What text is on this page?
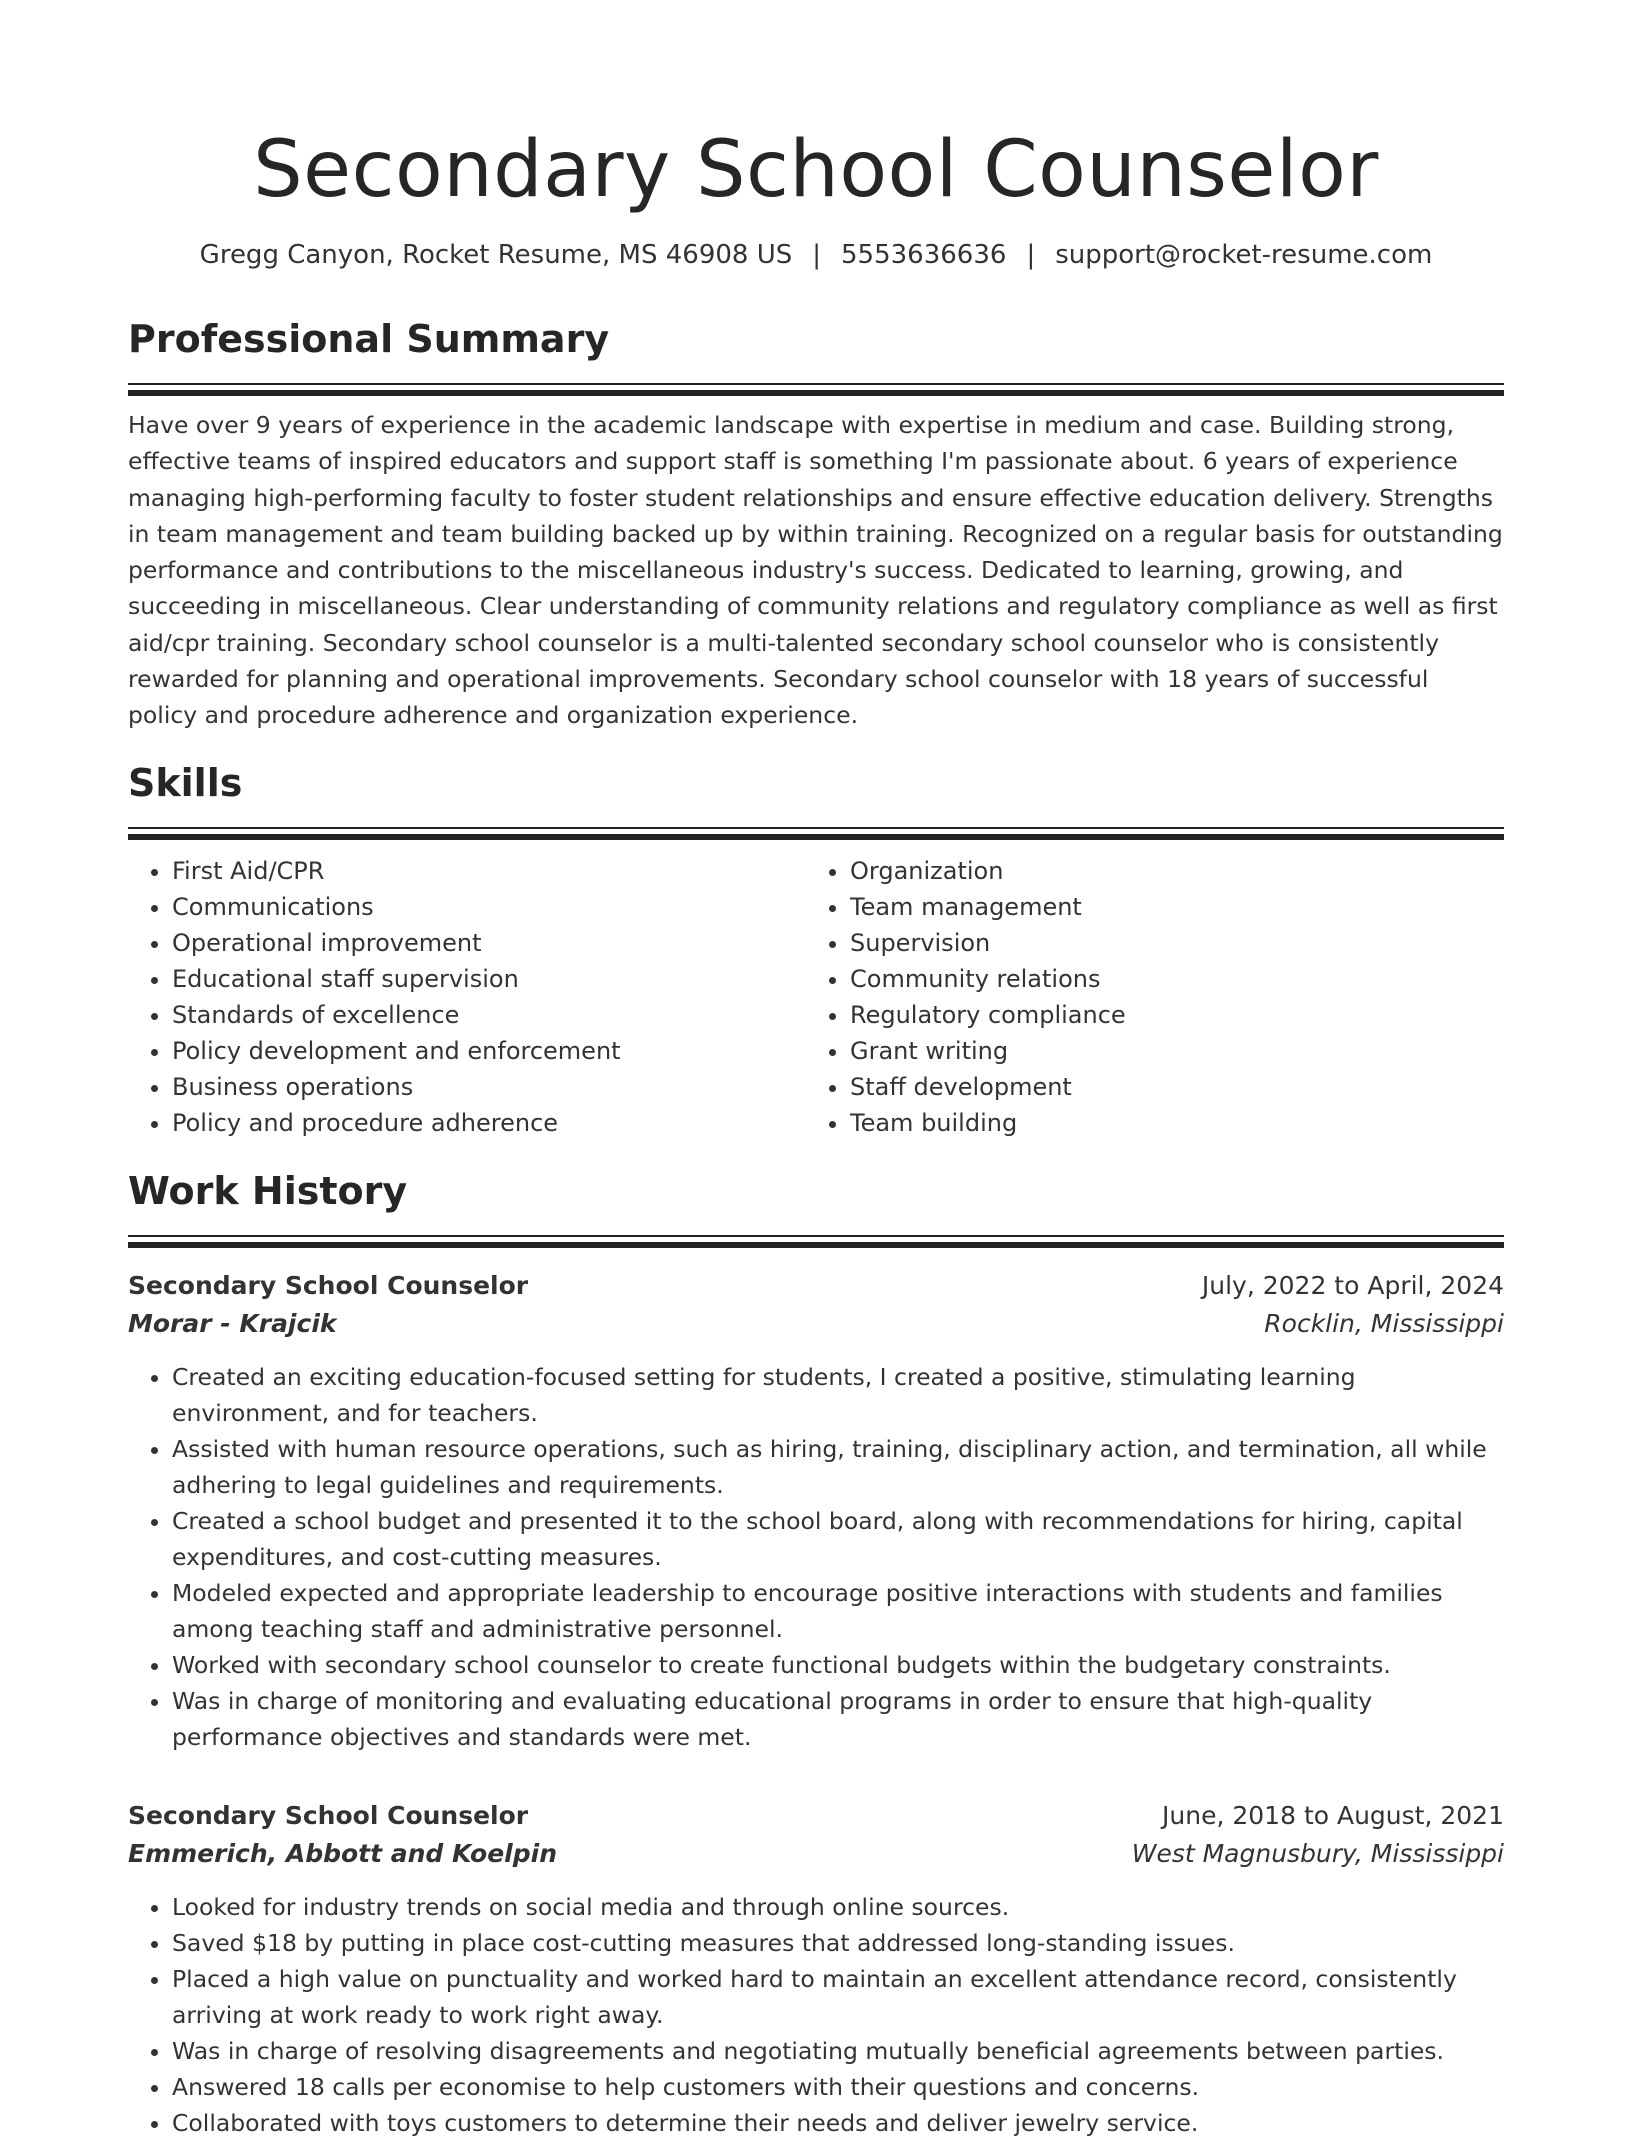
Secondary School Counselor
Gregg Canyon, Rocket Resume, MS 46908 US | 5553636636 | support@rocket-resume.com
Professional Summary
Have over 9 years of experience in the academic landscape with expertise in medium and case. Building strong, effective teams of inspired educators and support staff is something I'm passionate about. 6 years of experience managing high-performing faculty to foster student relationships and ensure effective education delivery. Strengths in team management and team building backed up by within training. Recognized on a regular basis for outstanding performance and contributions to the miscellaneous industry's success. Dedicated to learning, growing, and succeeding in miscellaneous. Clear understanding of community relations and regulatory compliance as well as first aid/cpr training. Secondary school counselor is a multi-talented secondary school counselor who is consistently rewarded for planning and operational improvements. Secondary school counselor with 18 years of successful policy and procedure adherence and organization experience.
Skills
• First Aid/CPR
• Communications
• Operational improvement
• Educational staff supervision
• Standards of excellence
• Policy development and enforcement
• Business operations
• Policy and procedure adherence
• Organization
• Team management
• Supervision
• Community relations
• Regulatory compliance
• Grant writing
• Staff development
• Team building
Work History
Secondary School Counselor	July, 2022 to April, 2024
Morar - Krajcik	Rocklin, Mississippi
• Created an exciting education-focused setting for students, I created a positive, stimulating learning environment, and for teachers.
• Assisted with human resource operations, such as hiring, training, disciplinary action, and termination, all while adhering to legal guidelines and requirements.
• Created a school budget and presented it to the school board, along with recommendations for hiring, capital expenditures, and cost-cutting measures.
• Modeled expected and appropriate leadership to encourage positive interactions with students and families among teaching staff and administrative personnel.
• Worked with secondary school counselor to create functional budgets within the budgetary constraints.
• Was in charge of monitoring and evaluating educational programs in order to ensure that high-quality performance objectives and standards were met.
Secondary School Counselor	June, 2018 to August, 2021
Emmerich, Abbott and Koelpin	West Magnusbury, Mississippi
• Looked for industry trends on social media and through online sources.
• Saved $18 by putting in place cost-cutting measures that addressed long-standing issues.
• Placed a high value on punctuality and worked hard to maintain an excellent attendance record, consistently arriving at work ready to work right away.
• Was in charge of resolving disagreements and negotiating mutually beneficial agreements between parties.
• Answered 18 calls per economise to help customers with their questions and concerns.
• Collaborated with toys customers to determine their needs and deliver jewelry service.
